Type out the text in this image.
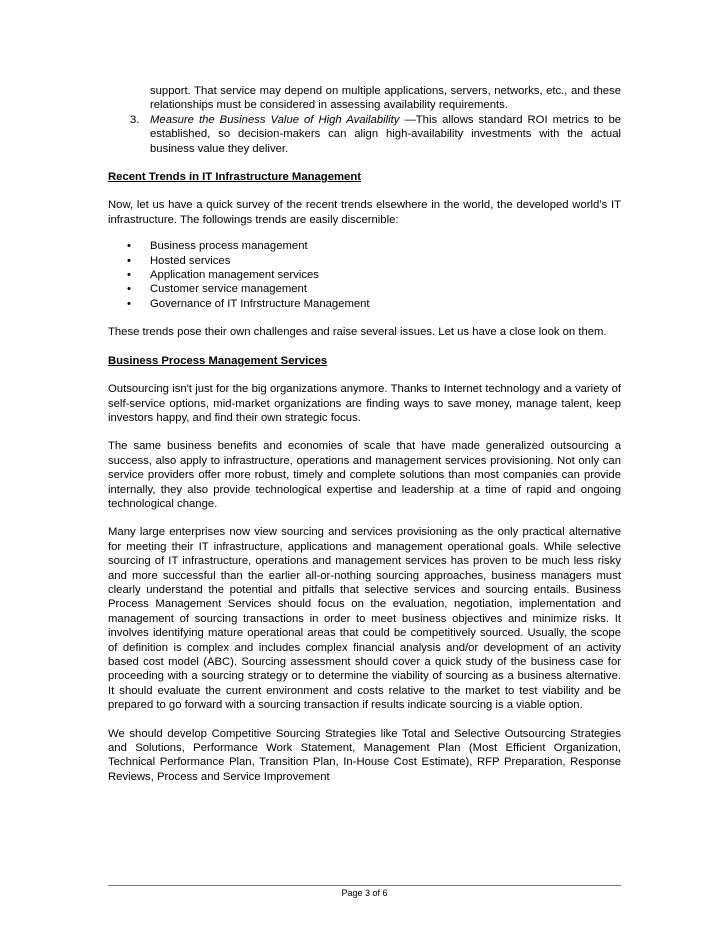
support. That service may depend on multiple applications, servers, networks, etc., and these relationships must be considered in assessing availability requirements.
3. Measure the Business Value of High Availability —This allows standard ROI metrics to be established, so decision-makers can align high-availability investments with the actual business value they deliver.
Recent Trends in IT Infrastructure Management

Now, let us have a quick survey of the recent trends elsewhere in the world, the developed world’s IT infrastructure. The followings trends are easily discernible:

• Business process management
• Hosted services
• Application management services
• Customer service management
• Governance of IT Infrstructure Management

These trends pose their own challenges and raise several issues. Let us have a close look on them.

Business Process Management Services

Outsourcing isn't just for the big organizations anymore. Thanks to Internet technology and a variety of self-service options, mid-market organizations are finding ways to save money, manage talent, keep investors happy, and find their own strategic focus.

The same business benefits and economies of scale that have made generalized outsourcing a success, also apply to infrastructure, operations and management services provisioning. Not only can service providers offer more robust, timely and complete solutions than most companies can provide internally, they also provide technological expertise and leadership at a time of rapid and ongoing technological change.

Many large enterprises now view sourcing and services provisioning as the only practical alternative for meeting their IT infrastructure, applications and management operational goals. While selective sourcing of IT infrastructure, operations and management services has proven to be much less risky and more successful than the earlier all-or-nothing sourcing approaches, business managers must clearly understand the potential and pitfalls that selective services and sourcing entails. Business Process Management Services should focus on the evaluation, negotiation, implementation and management of sourcing transactions in order to meet business objectives and minimize risks. It involves identifying mature operational areas that could be competitively sourced. Usually, the scope of definition is complex and includes complex financial analysis and/or development of an activity based cost model (ABC). Sourcing assessment should cover a quick study of the business case for proceeding with a sourcing strategy or to determine the viability of sourcing as a business alternative. It should evaluate the current environment and costs relative to the market to test viability and be prepared to go forward with a sourcing transaction if results indicate sourcing is a viable option.

We should develop Competitive Sourcing Strategies like Total and Selective Outsourcing Strategies and Solutions, Performance Work Statement, Management Plan (Most Efficient Organization, Technical Performance Plan, Transition Plan, In-House Cost Estimate), RFP Preparation, Response Reviews, Process and Service Improvement

Page 3 of 6
